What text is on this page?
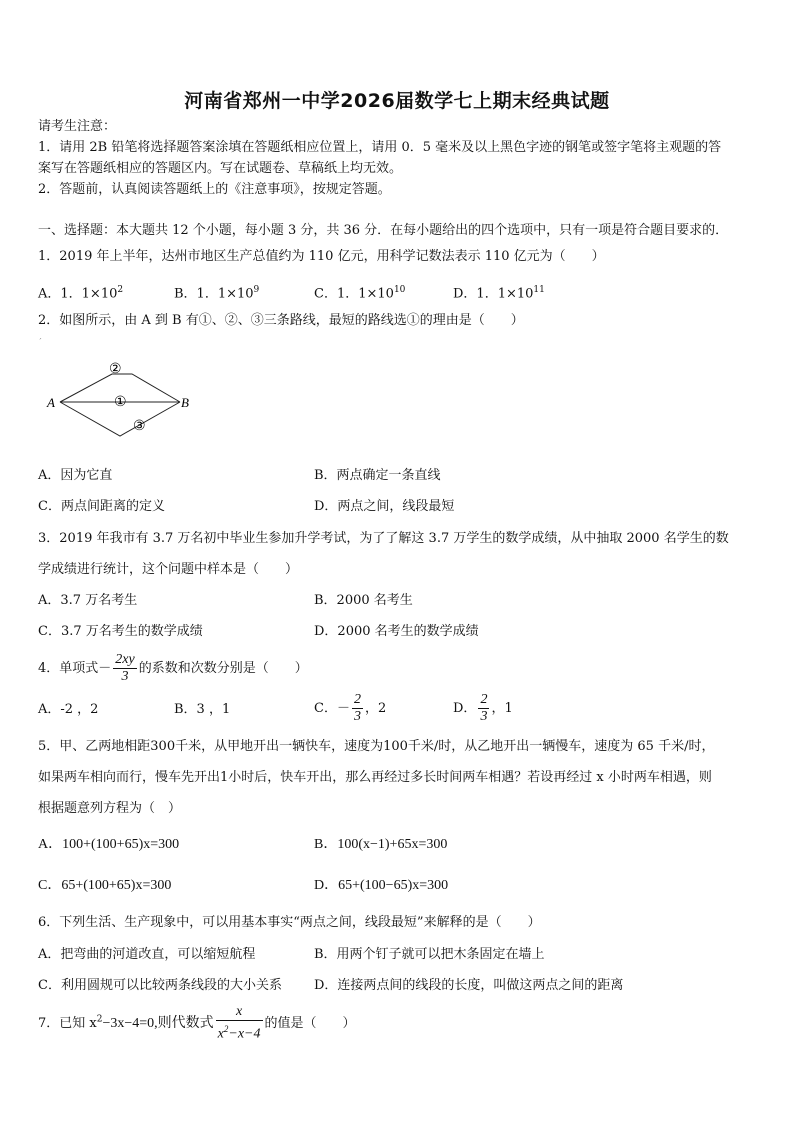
河南省郑州一中学2026届数学七上期末经典试题
请考生注意：
1．请用 2B 铅笔将选择题答案涂填在答题纸相应位置上，请用 0．5 毫米及以上黑色字迹的钢笔或签字笔将主观题的答
案写在答题纸相应的答题区内。写在试题卷、草稿纸上均无效。
2．答题前，认真阅读答题纸上的《注意事项》，按规定答题。
一、选择题：本大题共 12 个小题，每小题 3 分，共 36 分．在每小题给出的四个选项中，只有一项是符合题目要求的．
1．2019 年上半年，达州市地区生产总值约为 110 亿元，用科学记数法表示 110 亿元为（　　）
A．1．$1\times 10^2$	B．1．$1\times 10^9$	C．1．$1\times 10^{10}$	D．1．$1\times 10^{11}$
2．如图所示，由 A 到 B 有①、②、③三条路线，最短的路线选①的理由是（　　）
ˊ
A	B
②
①
③
A．因为它直	B．两点确定一条直线
C．两点间距离的定义	D．两点之间，线段最短
3．2019 年我市有 3.7 万名初中毕业生参加升学考试，为了了解这 3.7 万学生的数学成绩，从中抽取 2000 名学生的数
学成绩进行统计，这个问题中样本是（　　）
A．3.7 万名考生	B．2000 名考生
C．3.7 万名考生的数学成绩	D．2000 名考生的数学成绩
4．单项式－ $\frac{2xy}{3}$ 的系数和次数分别是（　　）
A．-2 ，2	B．3 ，1	C．－ $\frac{2}{3}$ ，2	D． $\frac{2}{3}$ ，1
5．甲、乙两地相距300千米，从甲地开出一辆快车，速度为100千米/时，从乙地开出一辆慢车，速度为 65 千米/时，
如果两车相向而行，慢车先开出1小时后，快车开出，那么再经过多长时间两车相遇？若设再经过 x 小时两车相遇，则
根据题意列方程为（　）
A．100+(100+65)x=300	B．100(x−1)+65x=300
C．65+(100+65)x=300	D．65+(100−65)x=300
6．下列生活、生产现象中，可以用基本事实“两点之间，线段最短”来解释的是（　　）
A．把弯曲的河道改直，可以缩短航程	B．用两个钉子就可以把木条固定在墙上
C．利用圆规可以比较两条线段的大小关系 D．连接两点间的线段的长度，叫做这两点之间的距离
7．已知 $x^2-3x-4=0$,则代数式 $\frac{x}{x^2-x-4}$ 的值是（　　）
